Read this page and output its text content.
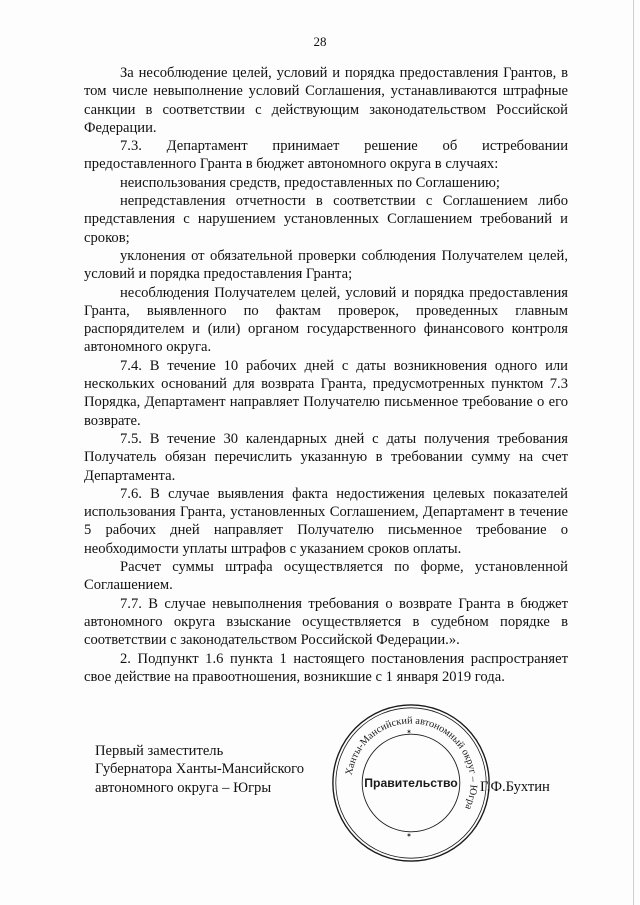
28

За несоблюдение целей, условий и порядка предоставления Грантов, в том числе невыполнение условий Соглашения, устанавливаются штрафные санкции в соответствии с действующим законодательством Российской Федерации.

7.3. Департамент принимает решение об истребовании предоставленного Гранта в бюджет автономного округа в случаях:

неиспользования средств, предоставленных по Соглашению;

непредставления отчетности в соответствии с Соглашением либо представления с нарушением установленных Соглашением требований и сроков;

уклонения от обязательной проверки соблюдения Получателем целей, условий и порядка предоставления Гранта;

несоблюдения Получателем целей, условий и порядка предоставления Гранта, выявленного по фактам проверок, проведенных главным распорядителем и (или) органом государственного финансового контроля автономного округа.

7.4. В течение 10 рабочих дней с даты возникновения одного или нескольких оснований для возврата Гранта, предусмотренных пунктом 7.3 Порядка, Департамент направляет Получателю письменное требование о его возврате.

7.5. В течение 30 календарных дней с даты получения требования Получатель обязан перечислить указанную в требовании сумму на счет Департамента.

7.6. В случае выявления факта недостижения целевых показателей использования Гранта, установленных Соглашением, Департамент в течение 5 рабочих дней направляет Получателю письменное требование о необходимости уплаты штрафов с указанием сроков оплаты.

Расчет суммы штрафа осуществляется по форме, установленной Соглашением.

7.7. В случае невыполнения требования о возврате Гранта в бюджет автономного округа взыскание осуществляется в судебном порядке в соответствии с законодательством Российской Федерации.».

2. Подпункт 1.6 пункта 1 настоящего постановления распространяет свое действие на правоотношения, возникшие с 1 января 2019 года.

Первый заместитель
Губернатора Ханты-Мансийского
автономного округа – Югры
Ханты-Мансийский автономный округ – Югра
Правительство
✶
✶
Г.Ф.Бухтин
